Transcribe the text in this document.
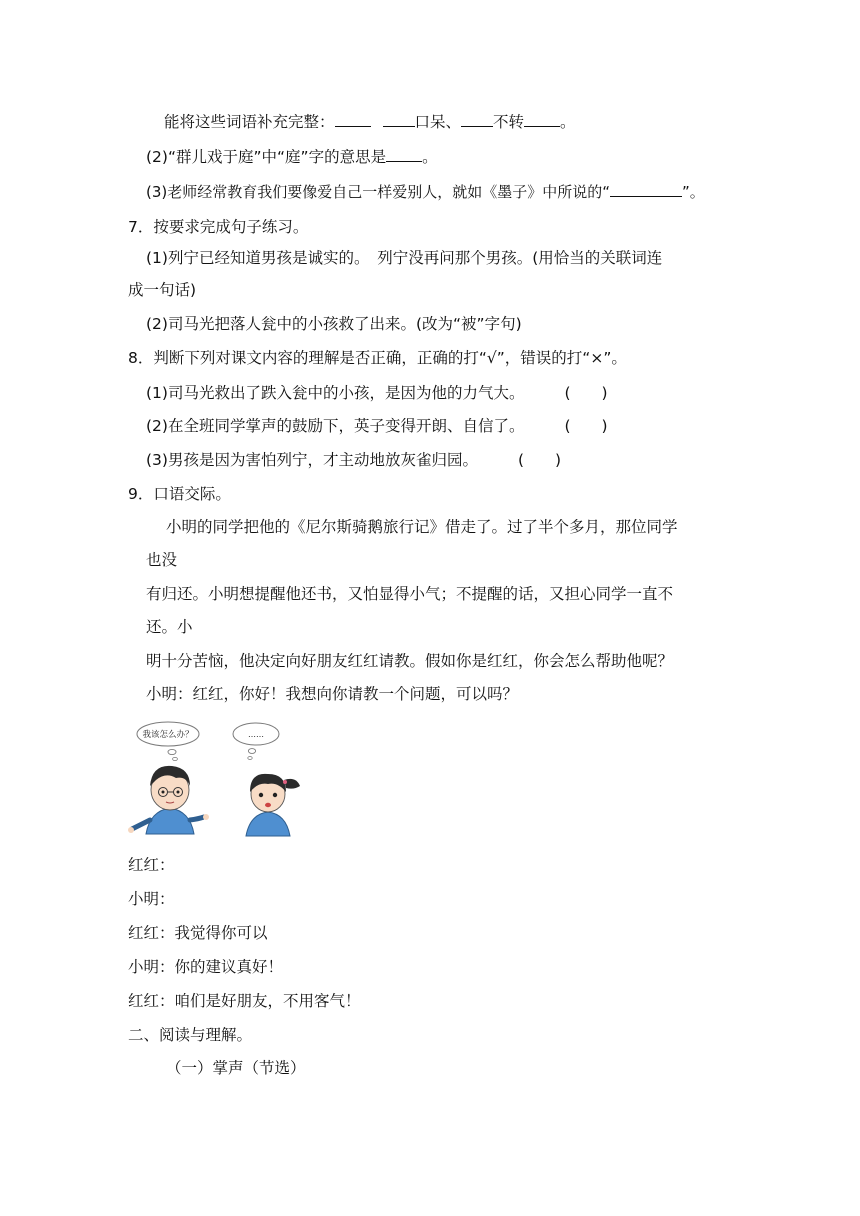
能将这些词语补充完整：	口呆、 不转 。
(2)“群儿戏于庭”中“庭”字的意思是 。
(3)老师经常教育我们要像爱自己一样爱别人，就如《墨子》中所说的“	”。
7．按要求完成句子练习。
(1)列宁已经知道男孩是诚实的。　列宁没再问那个男孩。(用恰当的关联词连
成一句话)
(2)司马光把落人瓮中的小孩救了出来。(改为“被”字句)
8．判断下列对课文内容的理解是否正确，正确的打“√”，错误的打“×”。
(1)司马光救出了跌入瓮中的小孩，是因为他的力气大。	(　　)
(2)在全班同学掌声的鼓励下，英子变得开朗、自信了。	(　　)
(3)男孩是因为害怕列宁，才主动地放灰雀归园。	(　　)
9．口语交际。
小明的同学把他的《尼尔斯骑鹅旅行记》借走了。过了半个多月，那位同学
也没
有归还。小明想提醒他还书，又怕显得小气；不提醒的话，又担心同学一直不
还。小
明十分苦恼，他决定向好朋友红红请教。假如你是红红，你会怎么帮助他呢？
小明：红红，你好！我想向你请教一个问题，可以吗？
我该怎么办？	……
红红：
小明：
红红：我觉得你可以
小明：你的建议真好！
红红：咱们是好朋友，不用客气！
二、阅读与理解。
（一）掌声（节选）
